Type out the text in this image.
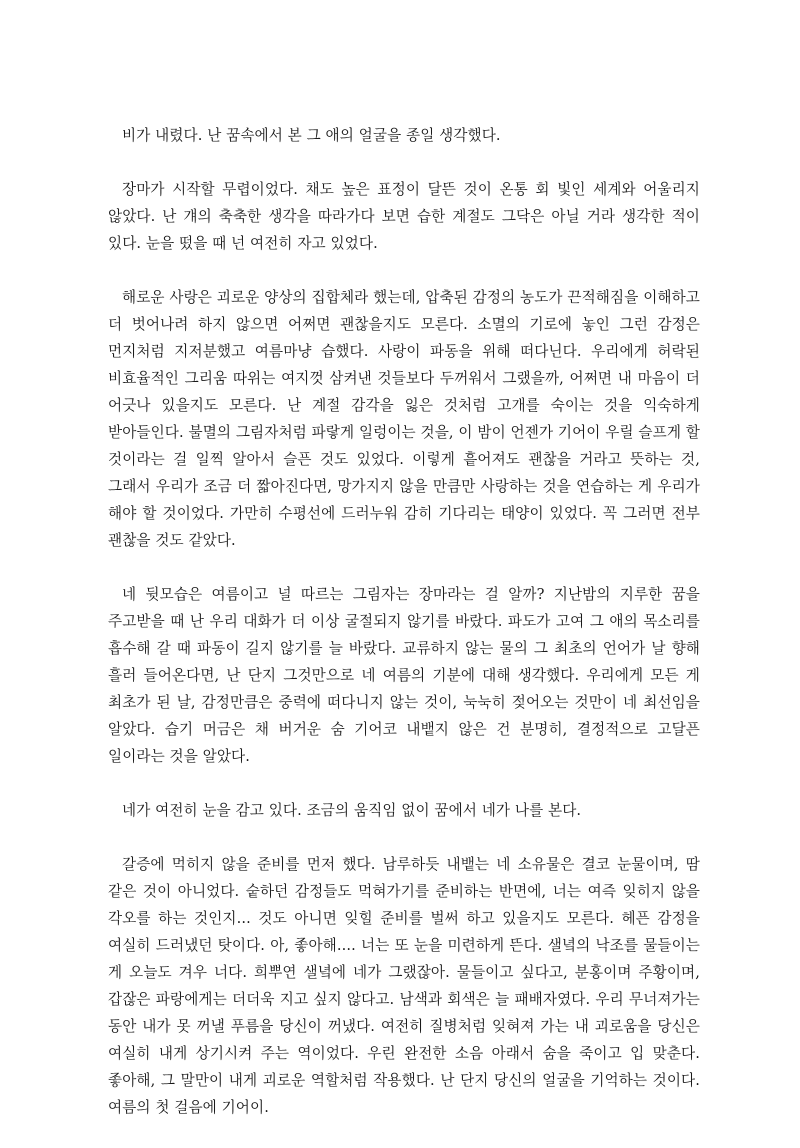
비가 내렸다. 난 꿈속에서 본 그 애의 얼굴을 종일 생각했다.

장마가 시작할 무렵이었다. 채도 높은 표정이 달뜬 것이 온통 회 빛인 세계와 어울리지 않았다. 난 걔의 축축한 생각을 따라가다 보면 습한 계절도 그닥은 아닐 거라 생각한 적이 있다. 눈을 떴을 때 넌 여전히 자고 있었다.

해로운 사랑은 괴로운 양상의 집합체라 했는데, 압축된 감정의 농도가 끈적해짐을 이해하고 더 벗어나려 하지 않으면 어쩌면 괜찮을지도 모른다. 소멸의 기로에 놓인 그런 감정은 먼지처럼 지저분했고 여름마냥 습했다. 사랑이 파동을 위해 떠다닌다. 우리에게 허락된 비효율적인 그리움 따위는 여지껏 삼켜낸 것들보다 두꺼워서 그랬을까, 어쩌면 내 마음이 더 어긋나 있을지도 모른다. 난 계절 감각을 잃은 것처럼 고개를 숙이는 것을 익숙하게 받아들인다. 불멸의 그림자처럼 파랗게 일렁이는 것을, 이 밤이 언젠가 기어이 우릴 슬프게 할 것이라는 걸 일찍 알아서 슬픈 것도 있었다. 이렇게 흩어져도 괜찮을 거라고 뜻하는 것, 그래서 우리가 조금 더 짧아진다면, 망가지지 않을 만큼만 사랑하는 것을 연습하는 게 우리가 해야 할 것이었다. 가만히 수평선에 드러누워 감히 기다리는 태양이 있었다. 꼭 그러면 전부 괜찮을 것도 같았다.

네 뒷모습은 여름이고 널 따르는 그림자는 장마라는 걸 알까? 지난밤의 지루한 꿈을 주고받을 때 난 우리 대화가 더 이상 굴절되지 않기를 바랐다. 파도가 고여 그 애의 목소리를 흡수해 갈 때 파동이 길지 않기를 늘 바랐다. 교류하지 않는 물의 그 최초의 언어가 날 향해 흘러 들어온다면, 난 단지 그것만으로 네 여름의 기분에 대해 생각했다. 우리에게 모든 게 최초가 된 날, 감정만큼은 중력에 떠다니지 않는 것이, 눅눅히 젖어오는 것만이 네 최선임을 알았다. 습기 머금은 채 버거운 숨 기어코 내뱉지 않은 건 분명히, 결정적으로 고달픈 일이라는 것을 알았다.

네가 여전히 눈을 감고 있다. 조금의 움직임 없이 꿈에서 네가 나를 본다.

갈증에 먹히지 않을 준비를 먼저 했다. 남루하듯 내뱉는 네 소유물은 결코 눈물이며, 땀 같은 것이 아니었다. 숱하던 감정들도 먹혀가기를 준비하는 반면에, 너는 여즉 잊히지 않을 각오를 하는 것인지... 것도 아니면 잊힐 준비를 벌써 하고 있을지도 모른다. 헤픈 감정을 여실히 드러냈던 탓이다. 아, 좋아해.... 너는 또 눈을 미련하게 뜬다. 샐녘의 낙조를 물들이는 게 오늘도 겨우 너다. 희뿌연 샐녘에 네가 그랬잖아. 물들이고 싶다고, 분홍이며 주황이며, 갑잖은 파랑에게는 더더욱 지고 싶지 않다고. 남색과 회색은 늘 패배자였다. 우리 무너져가는 동안 내가 못 꺼낼 푸름을 당신이 꺼냈다. 여전히 질병처럼 잊혀져 가는 내 괴로움을 당신은 여실히 내게 상기시켜 주는 역이었다. 우린 완전한 소음 아래서 숨을 죽이고 입 맞춘다. 좋아해, 그 말만이 내게 괴로운 역할처럼 작용했다. 난 단지 당신의 얼굴을 기억하는 것이다. 여름의 첫 걸음에 기어이.
